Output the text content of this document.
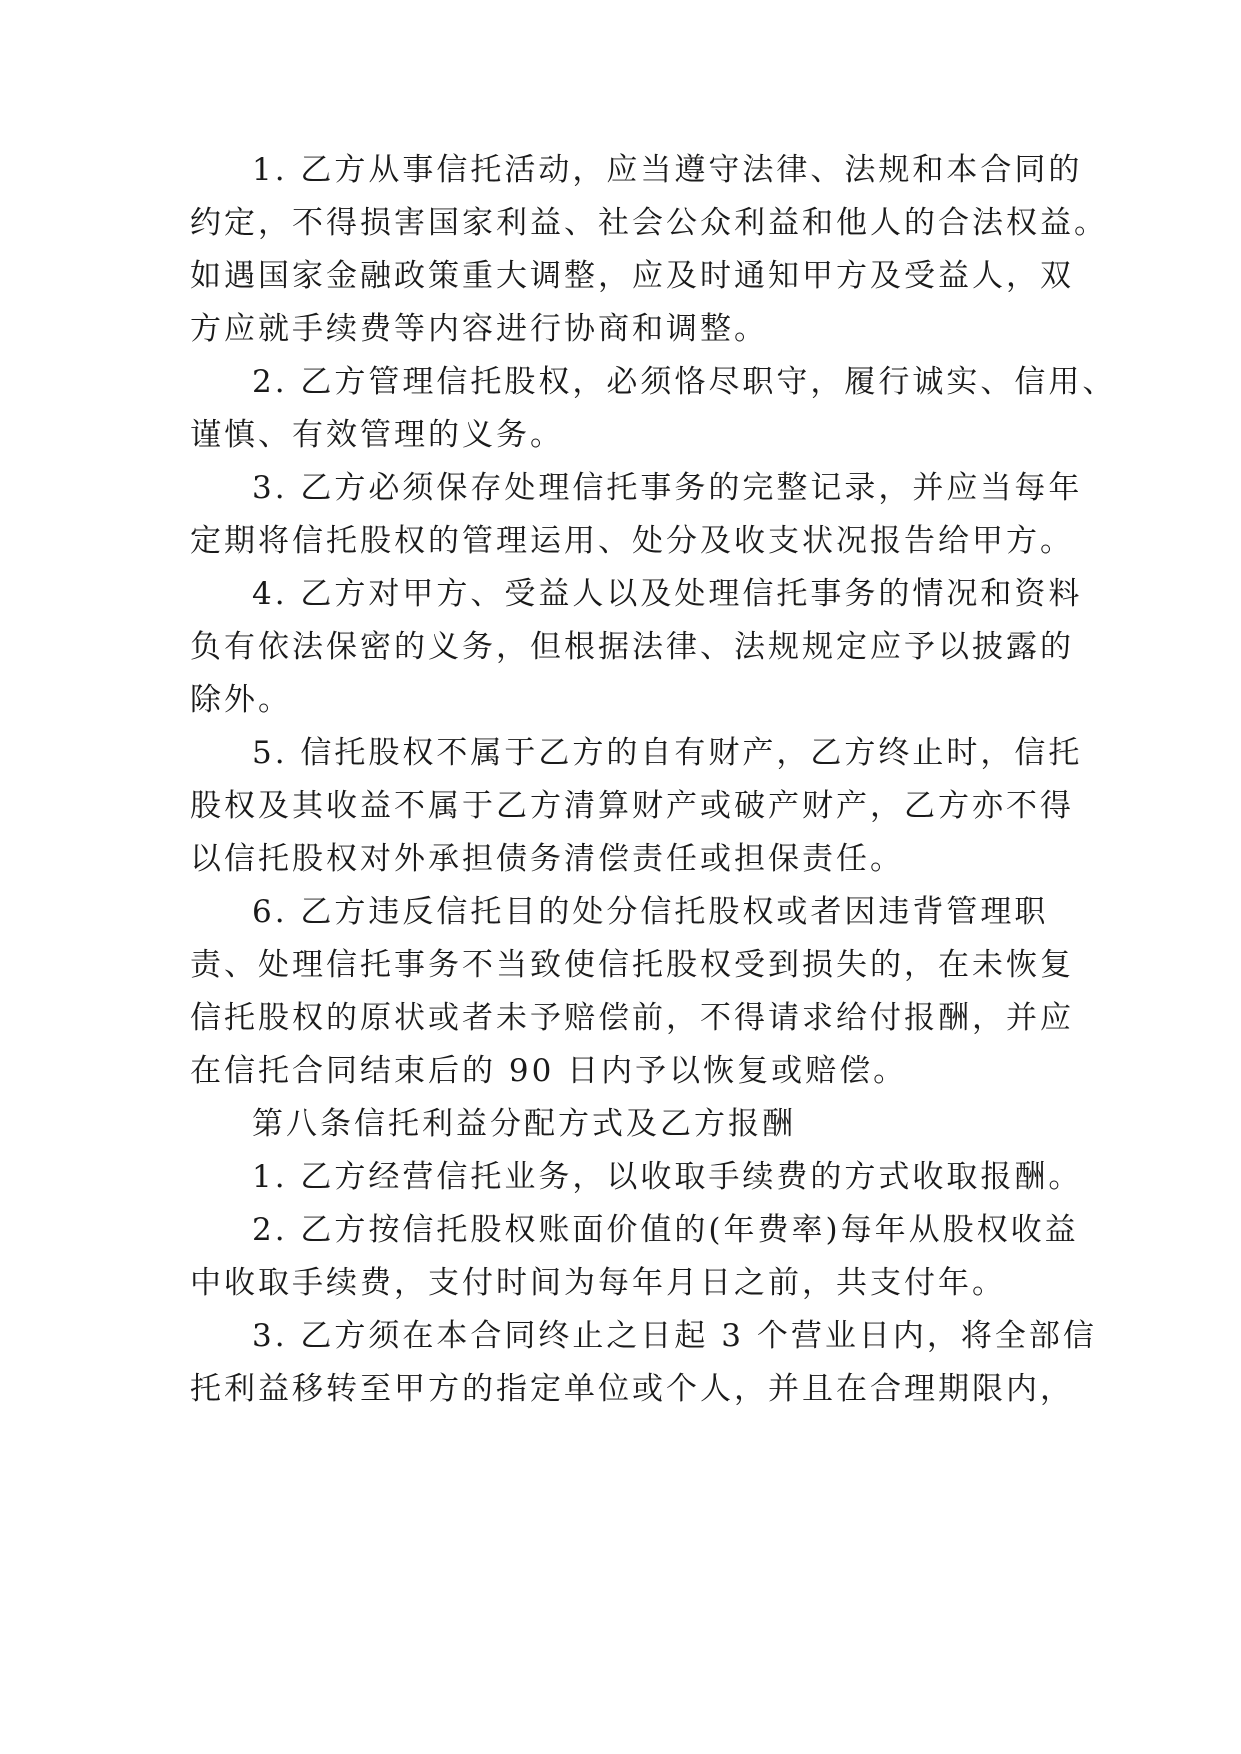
1. 乙方从事信托活动，应当遵守法律、法规和本合同的
约定，不得损害国家利益、社会公众利益和他人的合法权益。
如遇国家金融政策重大调整，应及时通知甲方及受益人，双
方应就手续费等内容进行协商和调整。
2. 乙方管理信托股权，必须恪尽职守，履行诚实、信用、
谨慎、有效管理的义务。
3. 乙方必须保存处理信托事务的完整记录，并应当每年
定期将信托股权的管理运用、处分及收支状况报告给甲方。
4. 乙方对甲方、受益人以及处理信托事务的情况和资料
负有依法保密的义务，但根据法律、法规规定应予以披露的
除外。
5. 信托股权不属于乙方的自有财产，乙方终止时，信托
股权及其收益不属于乙方清算财产或破产财产，乙方亦不得
以信托股权对外承担债务清偿责任或担保责任。
6. 乙方违反信托目的处分信托股权或者因违背管理职
责、处理信托事务不当致使信托股权受到损失的，在未恢复
信托股权的原状或者未予赔偿前，不得请求给付报酬，并应
在信托合同结束后的 90 日内予以恢复或赔偿。
第八条信托利益分配方式及乙方报酬
1. 乙方经营信托业务，以收取手续费的方式收取报酬。
2. 乙方按信托股权账面价值的(年费率)每年从股权收益
中收取手续费，支付时间为每年月日之前，共支付年。
3. 乙方须在本合同终止之日起 3 个营业日内，将全部信
托利益移转至甲方的指定单位或个人，并且在合理期限内，
